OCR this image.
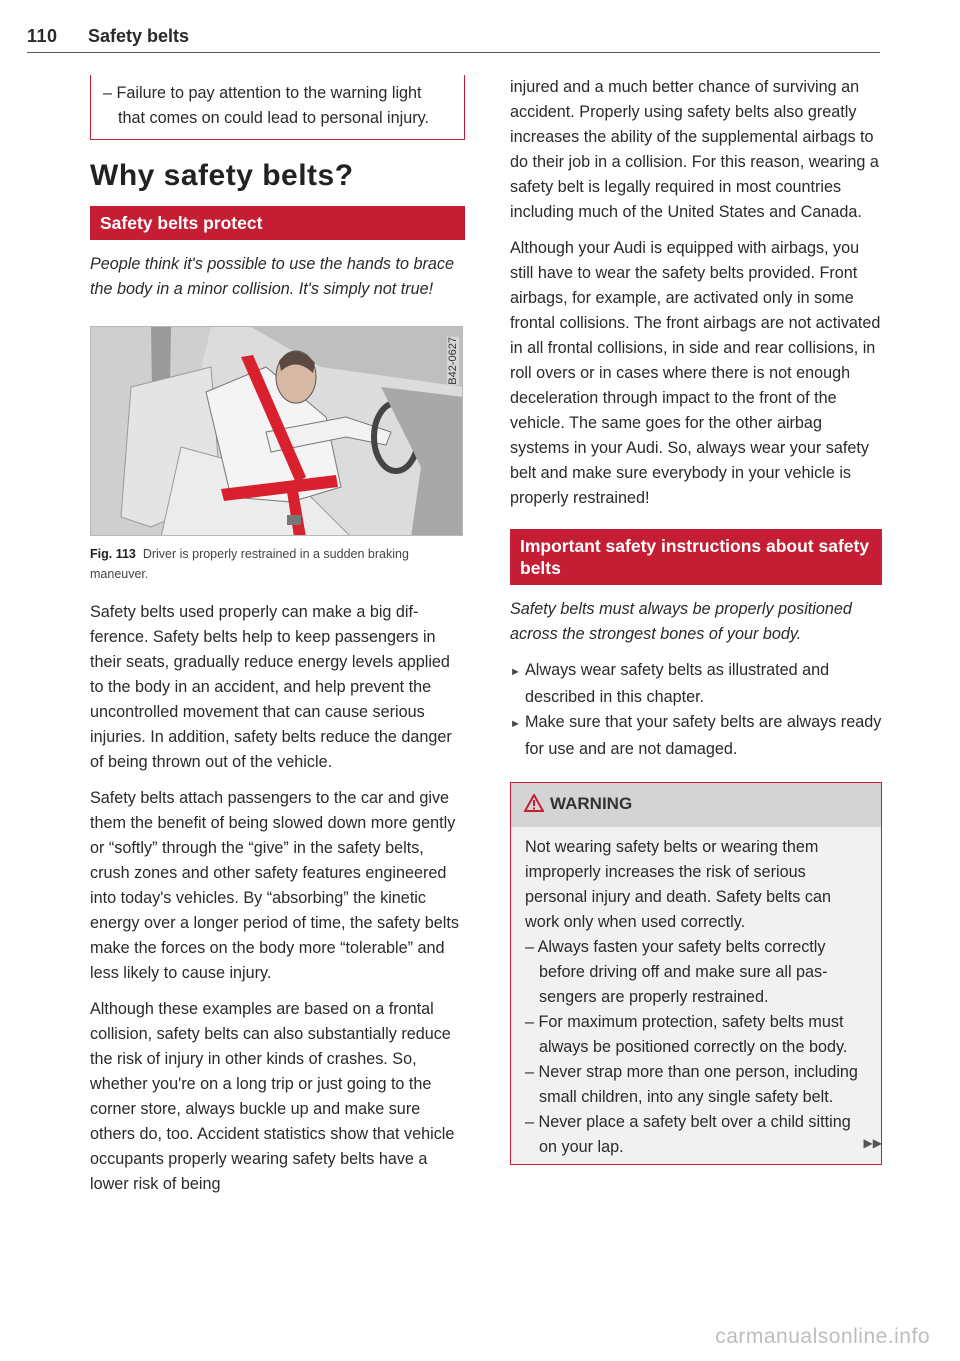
110 Safety belts

– Failure to pay attention to the warning light that comes on could lead to personal injury.

Why safety belts?
Safety belts protect

People think it's possible to use the hands to brace the body in a minor collision. It's simply not true!

B42-0627

Fig. 113 Driver is properly restrained in a sudden braking maneuver.

Safety belts used properly can make a big difference. Safety belts help to keep passengers in their seats, gradually reduce energy levels applied to the body in an accident, and help prevent the uncontrolled movement that can cause serious injuries. In addition, safety belts reduce the danger of being thrown out of the vehicle.

Safety belts attach passengers to the car and give them the benefit of being slowed down more gently or “softly” through the “give” in the safety belts, crush zones and other safety features engineered into today's vehicles. By “absorbing” the kinetic energy over a longer period of time, the safety belts make the forces on the body more “tolerable” and less likely to cause injury.

Although these examples are based on a frontal collision, safety belts can also substantially reduce the risk of injury in other kinds of crashes. So, whether you're on a long trip or just going to the corner store, always buckle up and make sure others do, too. Accident statistics show that vehicle occupants properly wearing safety belts have a lower risk of being

injured and a much better chance of surviving an accident. Properly using safety belts also greatly increases the ability of the supplemental airbags to do their job in a collision. For this reason, wearing a safety belt is legally required in most countries including much of the United States and Canada.

Although your Audi is equipped with airbags, you still have to wear the safety belts provided. Front airbags, for example, are activated only in some frontal collisions. The front airbags are not activated in all frontal collisions, in side and rear collisions, in roll overs or in cases where there is not enough deceleration through impact to the front of the vehicle. The same goes for the other airbag systems in your Audi. So, always wear your safety belt and make sure everybody in your vehicle is properly restrained!

Important safety instructions about safety belts

Safety belts must always be properly positioned across the strongest bones of your body.

► Always wear safety belts as illustrated and described in this chapter.

► Make sure that your safety belts are always ready for use and are not damaged.

WARNING

Not wearing safety belts or wearing them improperly increases the risk of serious personal injury and death. Safety belts can work only when used correctly.

– Always fasten your safety belts correctly before driving off and make sure all passengers are properly restrained.

– For maximum protection, safety belts must always be positioned correctly on the body.

– Never strap more than one person, including small children, into any single safety belt.

– Never place a safety belt over a child sitting on your lap.	▶▶
carmanualsonline.info
